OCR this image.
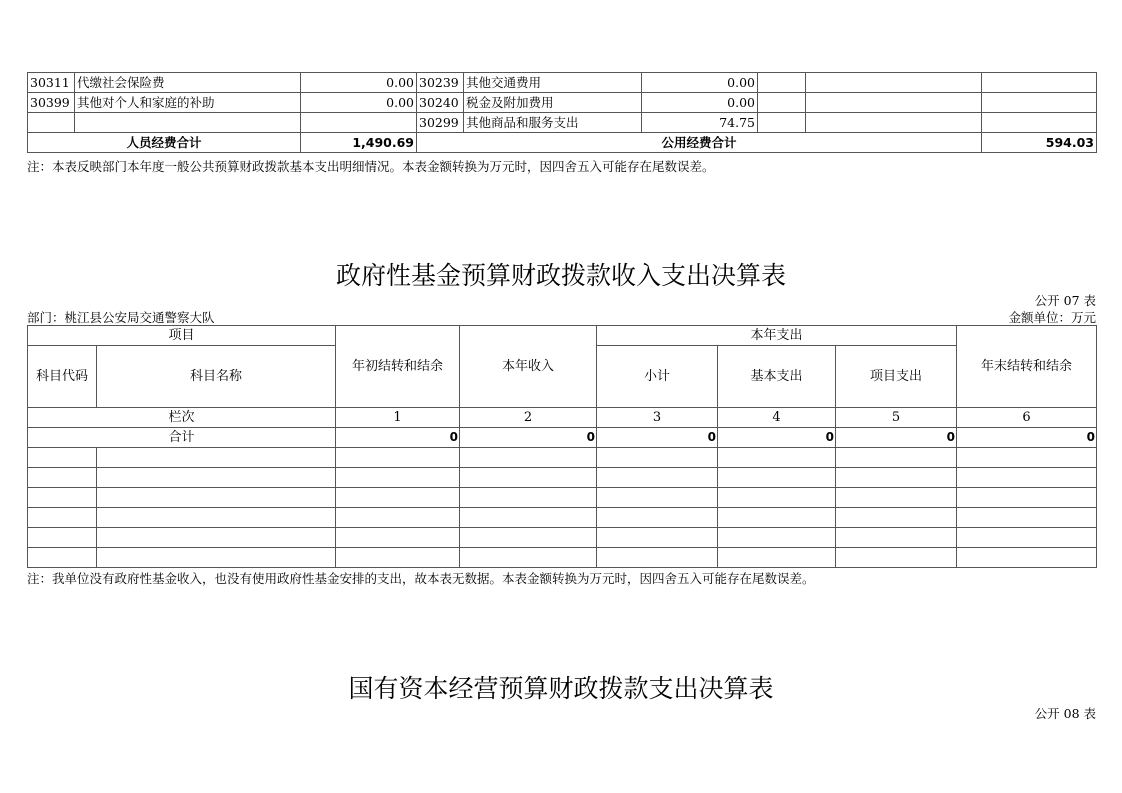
30311	代缴社会保险费	0.00	30239	其他交通费用	0.00			
30399	其他对个人和家庭的补助	0.00	30240	税金及附加费用	0.00			
			30299	其他商品和服务支出	74.75			
人员经费合计		1,490.69	公用经费合计					594.03
注：本表反映部门本年度一般公共预算财政拨款基本支出明细情况。本表金额转换为万元时，因四舍五入可能存在尾数误差。
政府性基金预算财政拨款收入支出决算表
公开 07 表
部门：桃江县公安局交通警察大队	金额单位：万元
项目		年初结转和结余	本年收入	本年支出			年末结转和结余
科目代码	科目名称			小计	基本支出	项目支出	
栏次		1	2	3	4	5	6
合计		0	0	0	0	0	0

注：我单位没有政府性基金收入，也没有使用政府性基金安排的支出，故本表无数据。本表金额转换为万元时，因四舍五入可能存在尾数误差。
国有资本经营预算财政拨款支出决算表
公开 08 表
